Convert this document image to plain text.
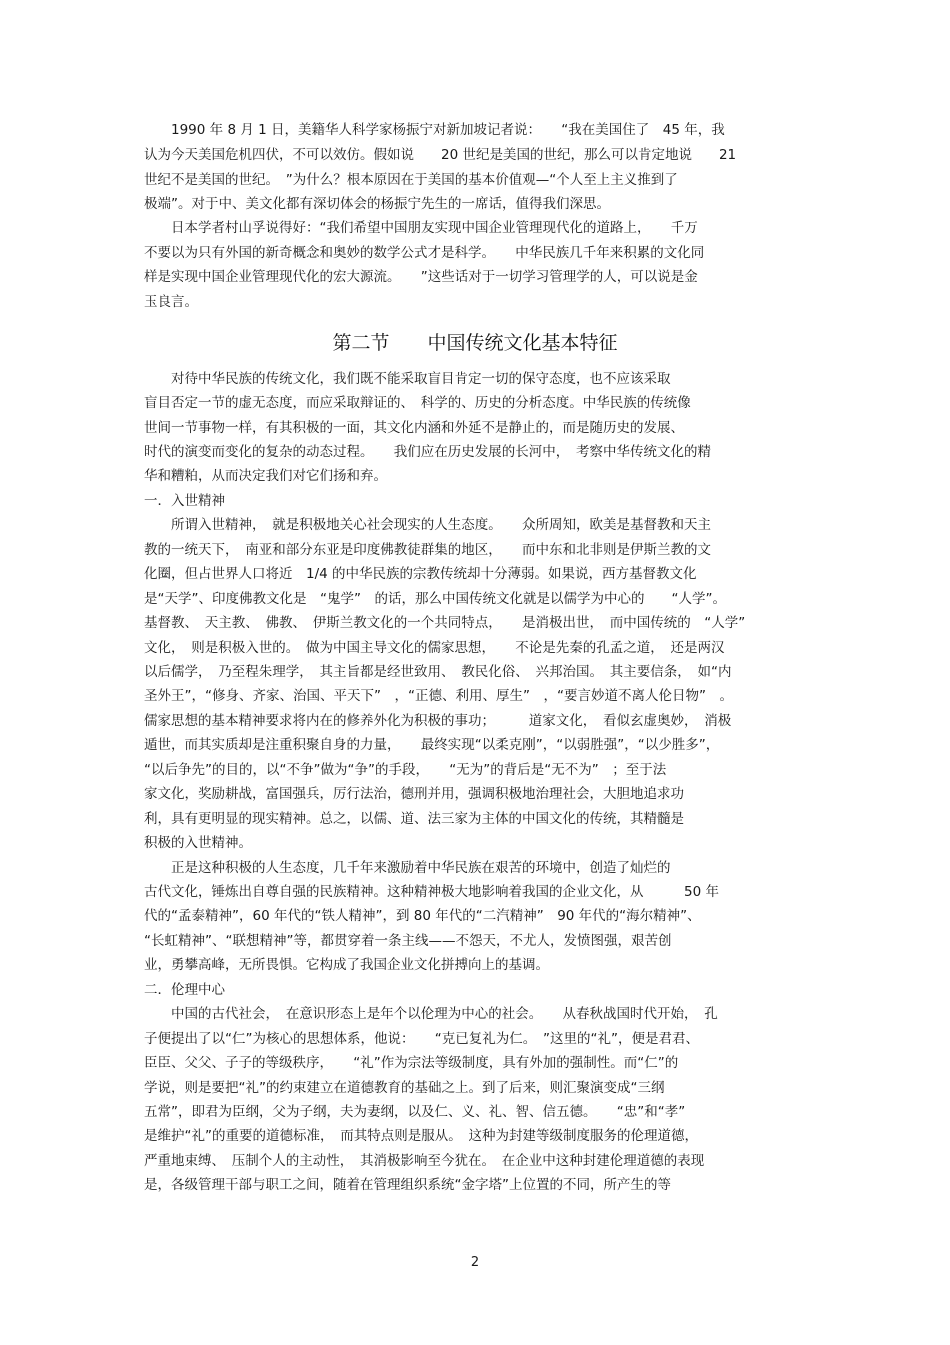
　　1990 年 8 月 1 日，美籍华人科学家杨振宁对新加坡记者说：　　“我在美国住了　45 年，我
认为今天美国危机四伏，不可以效仿。假如说　　20 世纪是美国的世纪，那么可以肯定地说　　21
世纪不是美国的世纪。　”为什么？根本原因在于美国的基本价值观—“个人至上主义推到了
极端”。对于中、美文化都有深切体会的杨振宁先生的一席话，值得我们深思。
　　日本学者村山孚说得好：“我们希望中国朋友实现中国企业管理现代化的道路上，　　千万
不要以为只有外国的新奇概念和奥妙的数学公式才是科学。　　中华民族几千年来积累的文化同
样是实现中国企业管理现代化的宏大源流。　　”这些话对于一切学习管理学的人，可以说是金
玉良言。
第二节　　中国传统文化基本特征
　　对待中华民族的传统文化，我们既不能采取盲目肯定一切的保守态度，也不应该采取
盲目否定一节的虚无态度，而应采取辩证的、　科学的、历史的分析态度。中华民族的传统像
世间一节事物一样，有其积极的一面，其文化内涵和外延不是静止的，而是随历史的发展、
时代的演变而变化的复杂的动态过程。　　我们应在历史发展的长河中，　考察中华传统文化的精
华和糟粕，从而决定我们对它们扬和弃。
一．入世精神
　　所谓入世精神，　就是积极地关心社会现实的人生态度。　　众所周知，欧美是基督教和天主
教的一统天下，　南亚和部分东亚是印度佛教徒群集的地区，　　而中东和北非则是伊斯兰教的文
化圈，但占世界人口将近　1/4 的中华民族的宗教传统却十分薄弱。如果说，西方基督教文化
是“天学”、印度佛教文化是　“鬼学”　的话，那么中国传统文化就是以儒学为中心的　　“人学”。
基督教、　天主教、　佛教、　伊斯兰教文化的一个共同特点，　　是消极出世，　而中国传统的　“人学”
文化，　则是积极入世的。　做为中国主导文化的儒家思想，　　不论是先秦的孔孟之道，　还是两汉
以后儒学，　乃至程朱理学，　其主旨都是经世致用、　教民化俗、　兴邦治国。　其主要信条，　如“内
圣外王”，“修身、齐家、治国、平天下”　，“正德、利用、厚生”　，“要言妙道不离人伦日物”　。
儒家思想的基本精神要求将内在的修养外化为积极的事功；　　　道家文化，　看似玄虚奥妙，　消极
遁世，而其实质却是注重积聚自身的力量，　　最终实现“以柔克刚”，“以弱胜强”，“以少胜多”，
“以后争先”的目的，以“不争”做为“争”的手段，　　“无为”的背后是“无不为”　；至于法
家文化，奖励耕战，富国强兵，厉行法治，德刑并用，强调积极地治理社会，大胆地追求功
利，具有更明显的现实精神。总之，以儒、道、法三家为主体的中国文化的传统，其精髓是
积极的入世精神。
　　正是这种积极的人生态度，几千年来激励着中华民族在艰苦的环境中，创造了灿烂的
古代文化，锤炼出自尊自强的民族精神。这种精神极大地影响着我国的企业文化，从　　　50 年
代的“孟泰精神”，60 年代的“铁人精神”，到 80 年代的“二汽精神”　90 年代的“海尔精神”、
“长虹精神”、“联想精神”等，都贯穿着一条主线——不怨天，不尤人，发愤图强，艰苦创
业，勇攀高峰，无所畏惧。它构成了我国企业文化拼搏向上的基调。
二．伦理中心
　　中国的古代社会，　在意识形态上是年个以伦理为中心的社会。　　从春秋战国时代开始，　孔
子便提出了以“仁”为核心的思想体系，他说：　　“克已复礼为仁。　”这里的“礼”，便是君君、
臣臣、父父、子子的等级秩序，　　“礼”作为宗法等级制度，具有外加的强制性。而“仁”的
学说，则是要把“礼”的约束建立在道德教育的基础之上。到了后来，则汇聚演变成“三纲
五常”，即君为臣纲，父为子纲，夫为妻纲，以及仁、义、礼、智、信五德。　　“忠”和“孝”
是维护“礼”的重要的道德标准，　而其特点则是服从。　这种为封建等级制度服务的伦理道德，
严重地束缚、　压制个人的主动性，　其消极影响至今犹在。　在企业中这种封建伦理道德的表现
是，各级管理干部与职工之间，随着在管理组织系统“金字塔”上位置的不同，所产生的等
2
